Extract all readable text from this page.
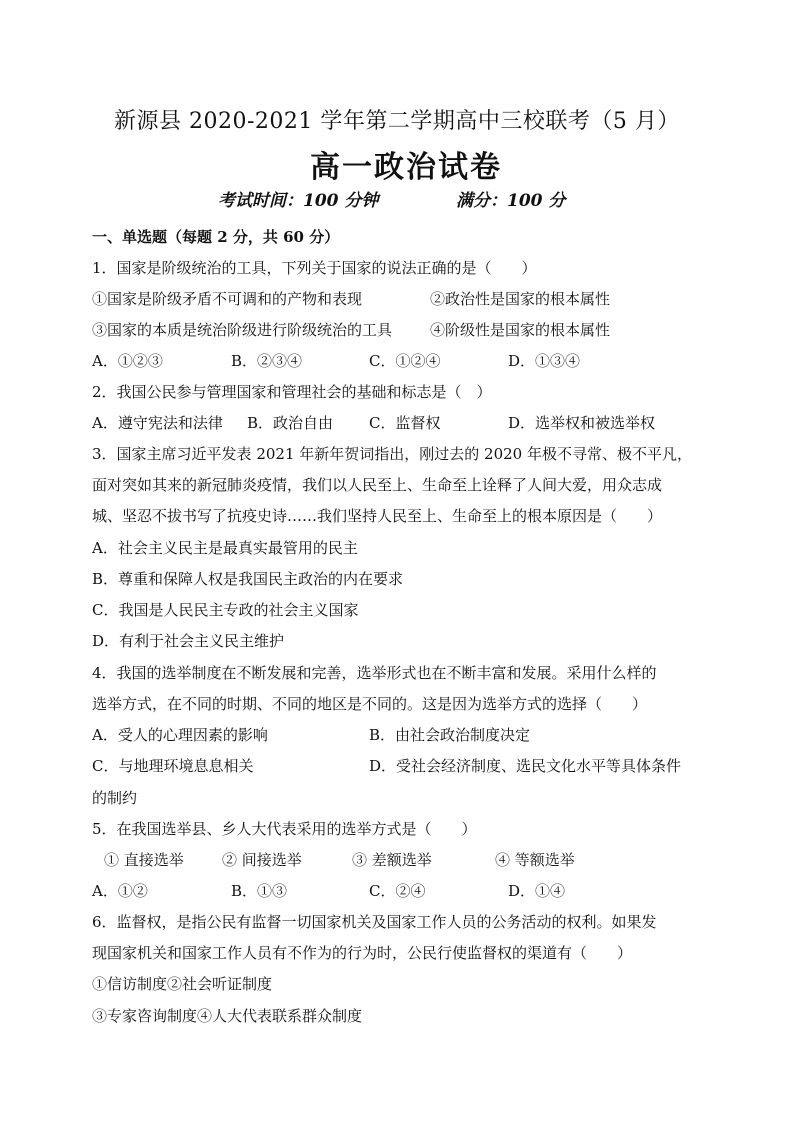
新源县 2020-2021 学年第二学期高中三校联考（5 月）
高一政治试卷
考试时间：100 分钟	满分：100 分
一、单选题（每题 2 分，共 60 分）
1．国家是阶级统治的工具，下列关于国家的说法正确的是（　　）
①国家是阶级矛盾不可调和的产物和表现	②政治性是国家的根本属性
③国家的本质是统治阶级进行阶级统治的工具	④阶级性是国家的根本属性
A．①②③	B．②③④	C．①②④	D．①③④
2．我国公民参与管理国家和管理社会的基础和标志是（　）
A．遵守宪法和法律 B．政治自由 C．监督权	D．选举权和被选举权
3．国家主席习近平发表 2021 年新年贺词指出，刚过去的 2020 年极不寻常、极不平凡，
面对突如其来的新冠肺炎疫情，我们以人民至上、生命至上诠释了人间大爱，用众志成
城、坚忍不拔书写了抗疫史诗……我们坚持人民至上、生命至上的根本原因是（　　）
A．社会主义民主是最真实最管用的民主
B．尊重和保障人权是我国民主政治的内在要求
C．我国是人民民主专政的社会主义国家
D．有利于社会主义民主维护
4．我国的选举制度在不断发展和完善，选举形式也在不断丰富和发展。采用什么样的
选举方式，在不同的时期、不同的地区是不同的。这是因为选举方式的选择（　　）
A．受人的心理因素的影响	B．由社会政治制度决定
C．与地理环境息息相关	D．受社会经济制度、选民文化水平等具体条件
的制约
5．在我国选举县、乡人大代表采用的选举方式是（　　）
① 直接选举	② 间接选举	③ 差额选举	④ 等额选举
A．①②	B．①③	C．②④	D．①④
6．监督权，是指公民有监督一切国家机关及国家工作人员的公务活动的权利。如果发
现国家机关和国家工作人员有不作为的行为时，公民行使监督权的渠道有（　　）
①信访制度②社会听证制度
③专家咨询制度④人大代表联系群众制度
